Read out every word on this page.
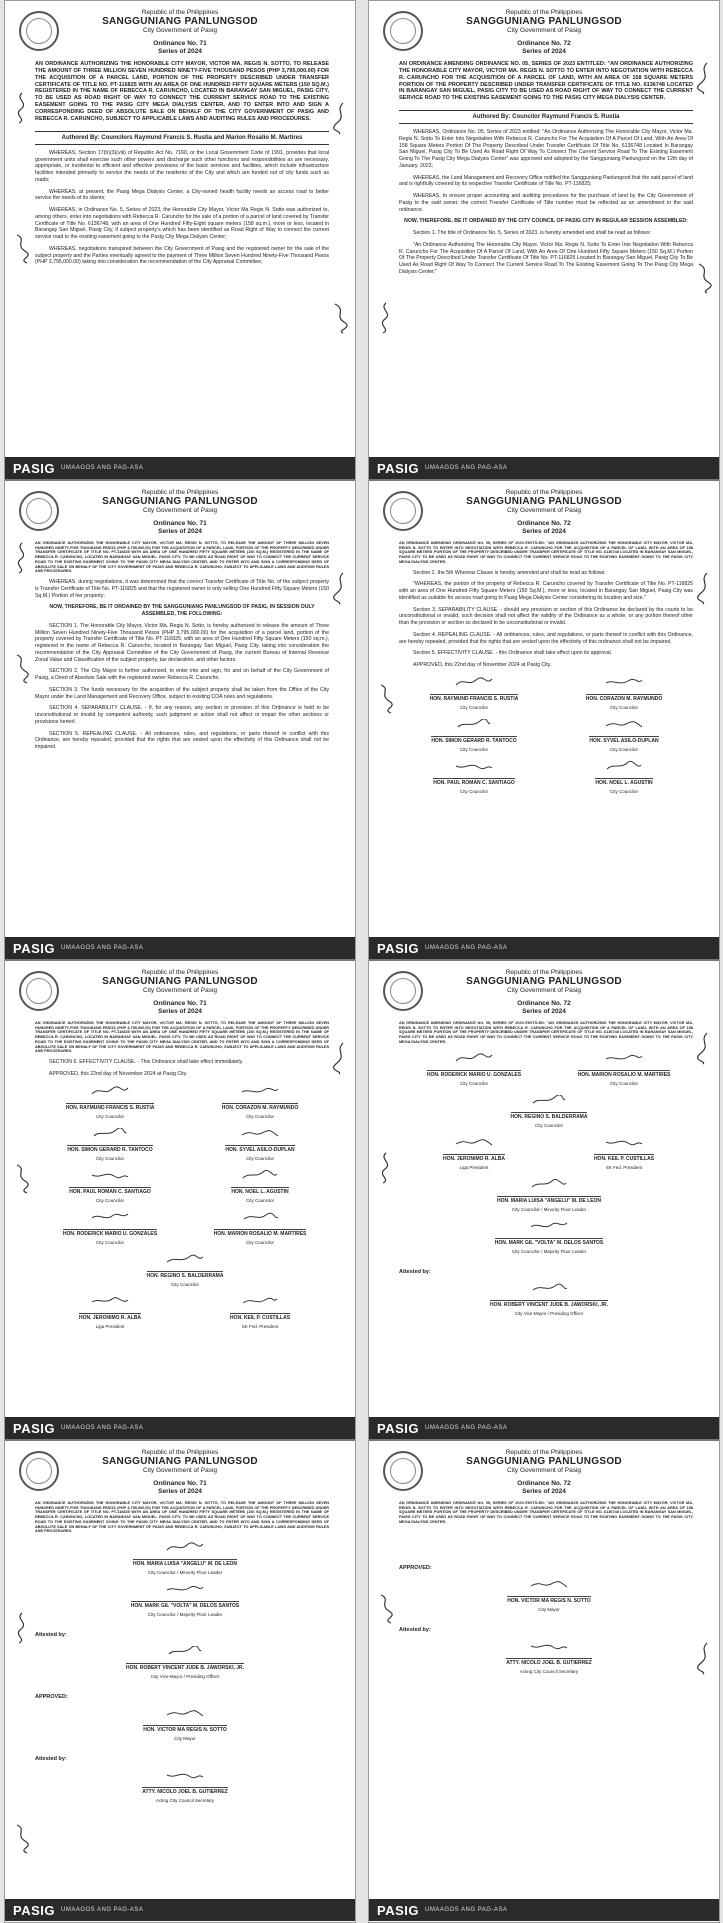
Republic of the Philippines
SANGGUNIANG PANLUNGSOD
City Government of Pasig
Ordinance No. 71
Series of 2024
AN ORDINANCE AUTHORIZING THE HONORABLE CITY MAYOR, VICTOR MA. REGIS N. SOTTO, TO RELEASE THE AMOUNT OF THREE MILLION SEVEN HUNDRED NINETY-FIVE THOUSAND PESOS (PHP 3,795,000.00) FOR THE ACQUISITION OF A PARCEL LAND, PORTION OF THE PROPERTY DESCRIBED UNDER TRANSFER CERTIFICATE OF TITLE NO. PT-116825 WITH AN AREA OF ONE HUNDRED FIFTY SQUARE METERS (150 SQ.M.) REGISTERED IN THE NAME OF REBECCA R. CARUNCHO, LOCATED IN BARANGAY SAN MIGUEL, PASIG CITY, TO BE USED AS ROAD RIGHT OF WAY TO CONNECT THE CURRENT SERVICE ROAD TO THE EXISTING EASEMENT GOING TO THE PASIG CITY MEGA DIALYSIS CENTER, AND TO ENTER INTO AND SIGN A CORRESPONDING DEED OF ABSOLUTE SALE ON BEHALF OF THE CITY GOVERNMENT OF PASIG AND REBECCA R. CARUNCHO, SUBJECT TO APPLICABLE LAWS AND AUDITING RULES AND PROCEDURES.
Authored By: Councilors Raymund Francis S. Rustia and Marion Rosalio M. Martires

WHEREAS, Section 17(b)(3)(viii) of Republic Act No. 7160, or the Local Government Code of 1991, provides that local government units shall exercise such other powers and discharge such other functions and responsibilities as are necessary, appropriate, or incidental to efficient and effective provisions of the basic services and facilities, which include infrastructure facilities intended primarily to service the needs of the residents of the City and which are funded out of city funds such as roads;

WHEREAS, at present, the Pasig Mega Dialysis Center, a City-owned health facility needs an access road to better service the needs of its clients;

WHEREAS, in Ordinance No. 5, Series of 2023, the Honorable City Mayor, Victor Ma Regis N. Sotto was authorized to, among others, enter into negotiations with Rebecca R. Caruncho for the sale of a portion of a parcel of land covered by Transfer Certificate of Title No. 6136748, with an area of One Hundred Fifty-Eight square meters (158 sq.m.), more or less, located in Barangay San Miguel, Pasig City, if subject property's which has been identified as Road Right of Way to connect the current service road to the existing easement going to the Pasig City Mega Dialysis Center;

WHEREAS, negotiations transpired between the City Government of Pasig and the registered owner for the sale of the subject property and the Parties eventually agreed to the payment of Three Million Seven Hundred Ninety-Five Thousand Pesos (PHP 3,795,000.00) taking into consideration the recommendation of the City Appraisal Committee;

PASIG UMAAGOS ANG PAG-ASA
Republic of the Philippines
SANGGUNIANG PANLUNGSOD
City Government of Pasig
Ordinance No. 71
Series of 2024
AN ORDINANCE AUTHORIZING THE HONORABLE CITY MAYOR, VICTOR MA. REGIS N. SOTTO, TO RELEASE THE AMOUNT OF THREE MILLION SEVEN HUNDRED NINETY-FIVE THOUSAND PESOS (PHP 3,795,000.00) FOR THE ACQUISITION OF A PARCEL LAND, PORTION OF THE PROPERTY DESCRIBED UNDER TRANSFER CERTIFICATE OF TITLE NO. PT-116825 WITH AN AREA OF ONE HUNDRED FIFTY SQUARE METERS (150 SQ.M.) REGISTERED IN THE NAME OF REBECCA R. CARUNCHO, LOCATED IN BARANGAY SAN MIGUEL, PASIG CITY, TO BE USED AS ROAD RIGHT OF WAY TO CONNECT THE CURRENT SERVICE ROAD TO THE EXISTING EASEMENT GOING TO THE PASIG CITY MEGA DIALYSIS CENTER, AND TO ENTER INTO AND SIGN A CORRESPONDING DEED OF ABSOLUTE SALE ON BEHALF OF THE CITY GOVERNMENT OF PASIG AND REBECCA R. CARUNCHO, SUBJECT TO APPLICABLE LAWS AND AUDITING RULES AND PROCEDURES.

WHEREAS, during negotiations, it was determined that the correct Transfer Certificate of Title No. of the subject property is Transfer Certificate of Title No. PT-116825 and that the registered owner is only selling One Hundred Fifty Square Meters (150 Sq.M.) Portion of her property;

NOW, THEREFORE, BE IT ORDAINED BY THE SANGGUNIANG PANLUNGSOD OF PASIG, IN SESSION DULY ASSEMBLED, THE FOLLOWING:

SECTION 1. The Honorable City Mayor, Victor Ma. Regis N. Sotto, is hereby authorized to release the amount of Three Million Seven Hundred Ninety-Five Thousand Pesos (PHP 3,795,000.00) for the acquisition of a parcel land, portion of the property covered by Transfer Certificate of Title No. PT-116825, with an area of One Hundred Fifty Square Meters (150 sq.m.), registered in the name of Rebecca R. Caruncho, located in Barangay San Miguel, Pasig City, taking into consideration the recommendation of the City Appraisal Committee of the City Government of Pasig, the current Bureau of Internal Revenue Zonal Value and Classification of the subject property, tax declaration, and other factors.

SECTION 2. The City Mayor is further authorized, to enter into and sign, for and on behalf of the City Government of Pasig, a Deed of Absolute Sale with the registered owner Rebecca R. Caruncho.

SECTION 3. The funds necessary for the acquisition of the subject property shall be taken from the Office of the City Mayor under the Land Management and Recovery Office, subject to existing COA rules and regulations.

SECTION 4. SEPARABILITY CLAUSE. - If, for any reason, any section or provision of this Ordinance is held to be unconstitutional or invalid by competent authority, such judgment or action shall not affect or impair the other sections or provisions hereof.

SECTION 5. REPEALING CLAUSE. - All ordinances, rules, and regulations, or parts thereof in conflict with this Ordinance, are hereby repealed, provided that the rights that are vested upon the effectivity of this Ordinance shall not be impaired.

PASIG UMAAGOS ANG PAG-ASA
Republic of the Philippines
SANGGUNIANG PANLUNGSOD
City Government of Pasig
Ordinance No. 71
Series of 2024
AN ORDINANCE AUTHORIZING THE HONORABLE CITY MAYOR, VICTOR MA. REGIS N. SOTTO, TO RELEASE THE AMOUNT OF THREE MILLION SEVEN HUNDRED NINETY-FIVE THOUSAND PESOS (PHP 3,795,000.00) FOR THE ACQUISITION OF A PARCEL LAND, PORTION OF THE PROPERTY DESCRIBED UNDER TRANSFER CERTIFICATE OF TITLE NO. PT-116825 WITH AN AREA OF ONE HUNDRED FIFTY SQUARE METERS (150 SQ.M.) REGISTERED IN THE NAME OF REBECCA R. CARUNCHO, LOCATED IN BARANGAY SAN MIGUEL, PASIG CITY, TO BE USED AS ROAD RIGHT OF WAY TO CONNECT THE CURRENT SERVICE ROAD TO THE EXISTING EASEMENT GOING TO THE PASIG CITY MEGA DIALYSIS CENTER, AND TO ENTER INTO AND SIGN A CORRESPONDING DEED OF ABSOLUTE SALE ON BEHALF OF THE CITY GOVERNMENT OF PASIG AND REBECCA R. CARUNCHO, SUBJECT TO APPLICABLE LAWS AND AUDITING RULES AND PROCEDURES.

SECTION 6. EFFECTIVITY CLAUSE. - This Ordinance shall take effect immediately.

APPROVED, this 22nd day of November 2024 at Pasig City.

HON. RAYMUND FRANCIS S. RUSTIA
City Councilor
HON. CORAZON M. RAYMUNDO
City Councilor
HON. SIMON GERARD R. TANTOCO
City Councilor
HON. SYVEL ASILO-DUPLAN
City Councilor
HON. PAUL ROMAN C. SANTIAGO
City Councilor
HON. NOEL L. AGUSTIN
City Councilor
HON. RODERICK MARIO U. GONZALES
City Councilor
HON. MARION ROSALIO M. MARTIRES
City Councilor
HON. REGINO S. BALDERRAMA
City Councilor
HON. JERONIMO R. ALBA
Liga President
HON. KEIL P. CUSTILLAS
SK Fed. President
PASIG UMAAGOS ANG PAG-ASA
Republic of the Philippines
SANGGUNIANG PANLUNGSOD
City Government of Pasig
Ordinance No. 71
Series of 2024
AN ORDINANCE AUTHORIZING THE HONORABLE CITY MAYOR, VICTOR MA. REGIS N. SOTTO, TO RELEASE THE AMOUNT OF THREE MILLION SEVEN HUNDRED NINETY-FIVE THOUSAND PESOS (PHP 3,795,000.00) FOR THE ACQUISITION OF A PARCEL LAND, PORTION OF THE PROPERTY DESCRIBED UNDER TRANSFER CERTIFICATE OF TITLE NO. PT-116825 WITH AN AREA OF ONE HUNDRED FIFTY SQUARE METERS (150 SQ.M.) REGISTERED IN THE NAME OF REBECCA R. CARUNCHO, LOCATED IN BARANGAY SAN MIGUEL, PASIG CITY, TO BE USED AS ROAD RIGHT OF WAY TO CONNECT THE CURRENT SERVICE ROAD TO THE EXISTING EASEMENT GOING TO THE PASIG CITY MEGA DIALYSIS CENTER, AND TO ENTER INTO AND SIGN A CORRESPONDING DEED OF ABSOLUTE SALE ON BEHALF OF THE CITY GOVERNMENT OF PASIG AND REBECCA R. CARUNCHO, SUBJECT TO APPLICABLE LAWS AND AUDITING RULES AND PROCEDURES.
HON. MARIA LUISA "ANGELU" M. DE LEON
City Councilor / Minority Floor Leader
HON. MARK GIL "VOLTA" M. DELOS SANTOS
City Councilor / Majority Floor Leader
Attested by:
HON. ROBERT VINCENT JUDE B. JAWORSKI, JR.
City Vice-Mayor / Presiding Officer
APPROVED:
HON. VICTOR MA REGIS N. SOTTO
City Mayor
Attested by:
ATTY. NICOLO JOEL B. GUTIERREZ
Acting City Council Secretary
PASIG UMAAGOS ANG PAG-ASA
Republic of the Philippines
SANGGUNIANG PANLUNGSOD
City Government of Pasig
Ordinance No. 72
Series of 2024
AN ORDINANCE AMENDING ORDINANCE NO. 05, SERIES OF 2023 ENTITLED: "AN ORDINANCE AUTHORIZING THE HONORABLE CITY MAYOR, VICTOR MA. REGIS N. SOTTO TO ENTER INTO NEGOTIATION WITH REBECCA R. CARUNCHO FOR THE ACQUISITION OF A PARCEL OF LAND, WITH AN AREA OF 158 SQUARE METERS PORTION OF THE PROPERTY DESCRIBED UNDER TRANSFER CERTIFICATE OF TITLE NO. 6136748 LOCATED IN BARANGAY SAN MIGUEL, PASIG CITY TO BE USED AS ROAD RIGHT OF WAY TO CONNECT THE CURRENT SERVICE ROAD TO THE EXISTING EASEMENT GOING TO THE PASIG CITY MEGA DIALYSIS CENTER.
Authored By: Councilor Raymund Francis S. Rustia

WHEREAS, Ordinance No. 05, Series of 2023 entitled: "An Ordinance Authorizing The Honorable City Mayor, Victor Ma. Regis N. Sotto To Enter Into Negotiation With Rebecca R. Caruncho For The Acquisition Of A Parcel Of Land, With An Area Of 158 Square Meters Portion Of The Property Described Under Transfer Certificate Of Title No. 6136748 Located In Barangay San Miguel, Pasig City To Be Used As Road Right Of Way To Connect The Current Service Road To The Existing Easement Going To The Pasig City Mega Dialysis Center" was approved and adopted by the Sangguniang Panlungsod on the 12th day of January, 2023;

WHEREAS, the Land Management and Recovery Office notified the Sangguniang Panlungsod that the said parcel of land and is rightfully covered by its respective Transfer Certificate of Title No. PT-116825;

WHEREAS, to ensure proper accounting and auditing procedures for the purchase of land by the City Government of Pasig to the said owner, the correct Transfer Certificate of Title number must be reflected as an amendment in the said ordinance.

NOW, THEREFORE, BE IT ORDAINED BY THE CITY COUNCIL OF PASIG CITY IN REGULAR SESSION ASSEMBLED:

Section 1. The title of Ordinance No. 5, Series of 2023, is hereby amended and shall be read as follows:

"An Ordinance Authorizing The Honorable City Mayor, Victor Ma. Regis N. Sotto To Enter Into Negotiation With Rebecca R. Caruncho For The Acquisition Of A Parcel Of Land, With An Area Of One Hundred Fifty Square Meters (150 Sq.M.) Portion Of The Property Described Under Transfer Certificate Of Title No. PT-116825 Located In Barangay San Miguel, Pasig City To Be Used As Road Right Of Way To Connect The Current Service Road To The Existing Easement Going To The Pasig City Mega Dialysis Center."

PASIG UMAAGOS ANG PAG-ASA
Republic of the Philippines
SANGGUNIANG PANLUNGSOD
City Government of Pasig
Ordinance No. 72
Series of 2024
AN ORDINANCE AMENDING ORDINANCE NO. 05, SERIES OF 2023 ENTITLED: "AN ORDINANCE AUTHORIZING THE HONORABLE CITY MAYOR, VICTOR MA. REGIS N. SOTTO TO ENTER INTO NEGOTIATION WITH REBECCA R. CARUNCHO FOR THE ACQUISITION OF A PARCEL OF LAND, WITH AN AREA OF 158 SQUARE METERS PORTION OF THE PROPERTY DESCRIBED UNDER TRANSFER CERTIFICATE OF TITLE NO. 6136748 LOCATED IN BARANGAY SAN MIGUEL, PASIG CITY TO BE USED AS ROAD RIGHT OF WAY TO CONNECT THE CURRENT SERVICE ROAD TO THE EXISTING EASEMENT GOING TO THE PASIG CITY MEGA DIALYSIS CENTER.

Section 2. the 5th Whereas Clause is hereby amended and shall be read as follows:

"WHEREAS, the portion of the property of Rebecca R. Caruncho covered by Transfer Certificate of Title No. PT-116825 with an area of One Hundred Fifty Square Meters (150 Sq.M.), more or less, located in Barangay San Miguel, Pasig City was identified as suitable for access road going to Pasig Mega Dialysis Center considering its location and size."

Section 3. SEPARABILITY CLAUSE. - should any provision or section of this Ordinance be declared by the courts to be unconstitutional or invalid, such decision shall not affect the validity of the Ordinance as a whole, or any portion thereof other than the provision or section so declared to be unconstitutional or invalid.

Section 4. REPEALING CLAUSE. - All ordinances, rules, and regulations, or parts thereof in conflict with this Ordinance, are hereby repealed, provided that the rights that are vested upon the effectivity of this ordinance shall not be impaired.

Section 5. EFFECTIVITY CLAUSE. - this Ordinance shall take effect upon its approval.

APPROVED, this 22nd day of November 2024 at Pasig City.

HON. RAYMUND FRANCIS S. RUSTIA
City Councilor
HON. CORAZON M. RAYMUNDO
City Councilor
HON. SIMON GERARD R. TANTOCO
City Councilor
HON. SYVEL ASILO-DUPLAN
City Councilor
HON. PAUL ROMAN C. SANTIAGO
City Councilor
HON. NOEL L. AGUSTIN
City Councilor
PASIG UMAAGOS ANG PAG-ASA
Republic of the Philippines
SANGGUNIANG PANLUNGSOD
City Government of Pasig
Ordinance No. 72
Series of 2024
AN ORDINANCE AMENDING ORDINANCE NO. 05, SERIES OF 2023 ENTITLED: "AN ORDINANCE AUTHORIZING THE HONORABLE CITY MAYOR, VICTOR MA. REGIS N. SOTTO TO ENTER INTO NEGOTIATION WITH REBECCA R. CARUNCHO FOR THE ACQUISITION OF A PARCEL OF LAND, WITH AN AREA OF 158 SQUARE METERS PORTION OF THE PROPERTY DESCRIBED UNDER TRANSFER CERTIFICATE OF TITLE NO. 6136748 LOCATED IN BARANGAY SAN MIGUEL, PASIG CITY TO BE USED AS ROAD RIGHT OF WAY TO CONNECT THE CURRENT SERVICE ROAD TO THE EXISTING EASEMENT GOING TO THE PASIG CITY MEGA DIALYSIS CENTER.
HON. RODERICK MARIO U. GONZALES
City Councilor
HON. MARION ROSALIO M. MARTIRES
City Councilor
HON. REGINO S. BALDERRAMA
City Councilor
HON. JERONIMO R. ALBA
Liga President
HON. KEIL P. CUSTILLAS
SK Fed. President
HON. MARIA LUISA "ANGELU" M. DE LEON
City Councilor / Minority Floor Leader
HON. MARK GIL "VOLTA" M. DELOS SANTOS
City Councilor / Majority Floor Leader
Attested by:
HON. ROBERT VINCENT JUDE B. JAWORSKI, JR.
City Vice-Mayor / Presiding Officer
PASIG UMAAGOS ANG PAG-ASA
Republic of the Philippines
SANGGUNIANG PANLUNGSOD
City Government of Pasig
Ordinance No. 72
Series of 2024
AN ORDINANCE AMENDING ORDINANCE NO. 05, SERIES OF 2023 ENTITLED: "AN ORDINANCE AUTHORIZING THE HONORABLE CITY MAYOR, VICTOR MA. REGIS N. SOTTO TO ENTER INTO NEGOTIATION WITH REBECCA R. CARUNCHO FOR THE ACQUISITION OF A PARCEL OF LAND, WITH AN AREA OF 158 SQUARE METERS PORTION OF THE PROPERTY DESCRIBED UNDER TRANSFER CERTIFICATE OF TITLE NO. 6136748 LOCATED IN BARANGAY SAN MIGUEL, PASIG CITY TO BE USED AS ROAD RIGHT OF WAY TO CONNECT THE CURRENT SERVICE ROAD TO THE EXISTING EASEMENT GOING TO THE PASIG CITY MEGA DIALYSIS CENTER.
APPROVED:
HON. VICTOR MA REGIS N. SOTTO
City Mayor
Attested by:
ATTY. NICOLO JOEL B. GUTIERREZ
Acting City Council Secretary
PASIG UMAAGOS ANG PAG-ASA
